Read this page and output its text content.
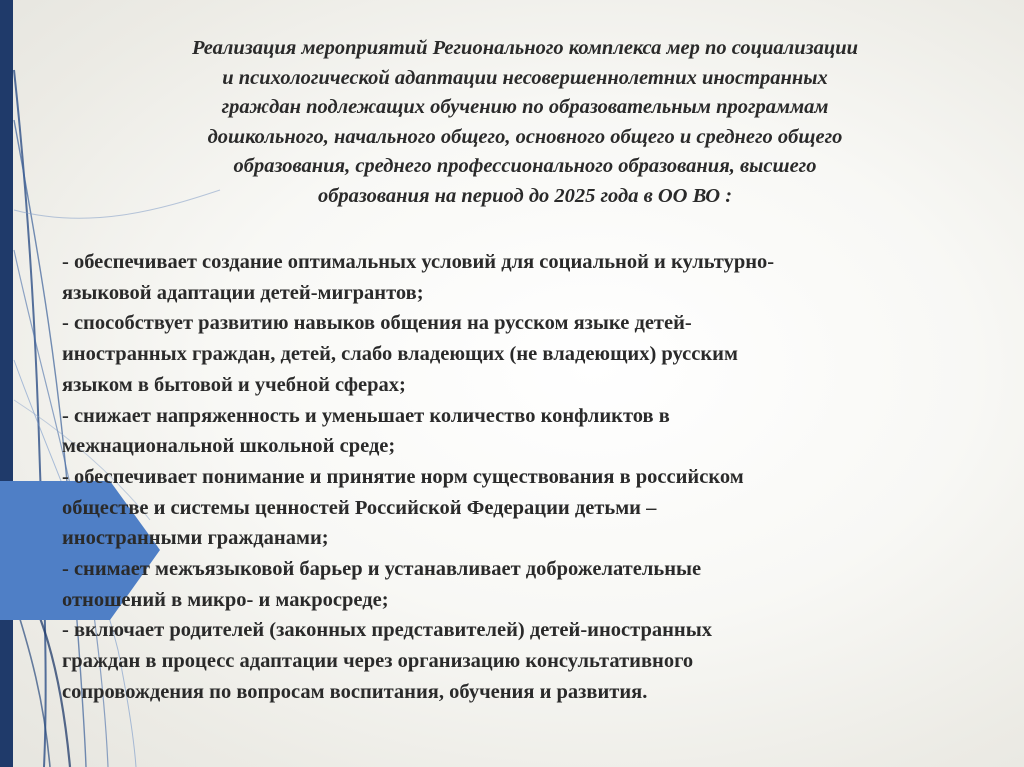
Реализация мероприятий Регионального комплекса мер по социализации
и психологической адаптации несовершеннолетних иностранных
граждан подлежащих обучению по образовательным программам
дошкольного, начального общего, основного общего и среднего общего
образования, среднего профессионального образования, высшего
образования на период до 2025 года в ОО ВО :
- обеспечивает создание оптимальных условий для социальной и культурно-
языковой адаптации детей-мигрантов;
- способствует развитию навыков общения на русском языке детей-
иностранных граждан, детей, слабо владеющих (не владеющих) русским
языком в бытовой и учебной сферах;
- снижает напряженность и уменьшает количество конфликтов в
межнациональной школьной среде;
- обеспечивает понимание и принятие норм существования в российском
обществе и системы ценностей Российской Федерации детьми –
иностранными гражданами;
- снимает межъязыковой барьер и устанавливает доброжелательные
отношений в микро- и макросреде;
- включает родителей (законных представителей) детей-иностранных
граждан в процесс адаптации через организацию консультативного
сопровождения по вопросам воспитания, обучения и развития.
